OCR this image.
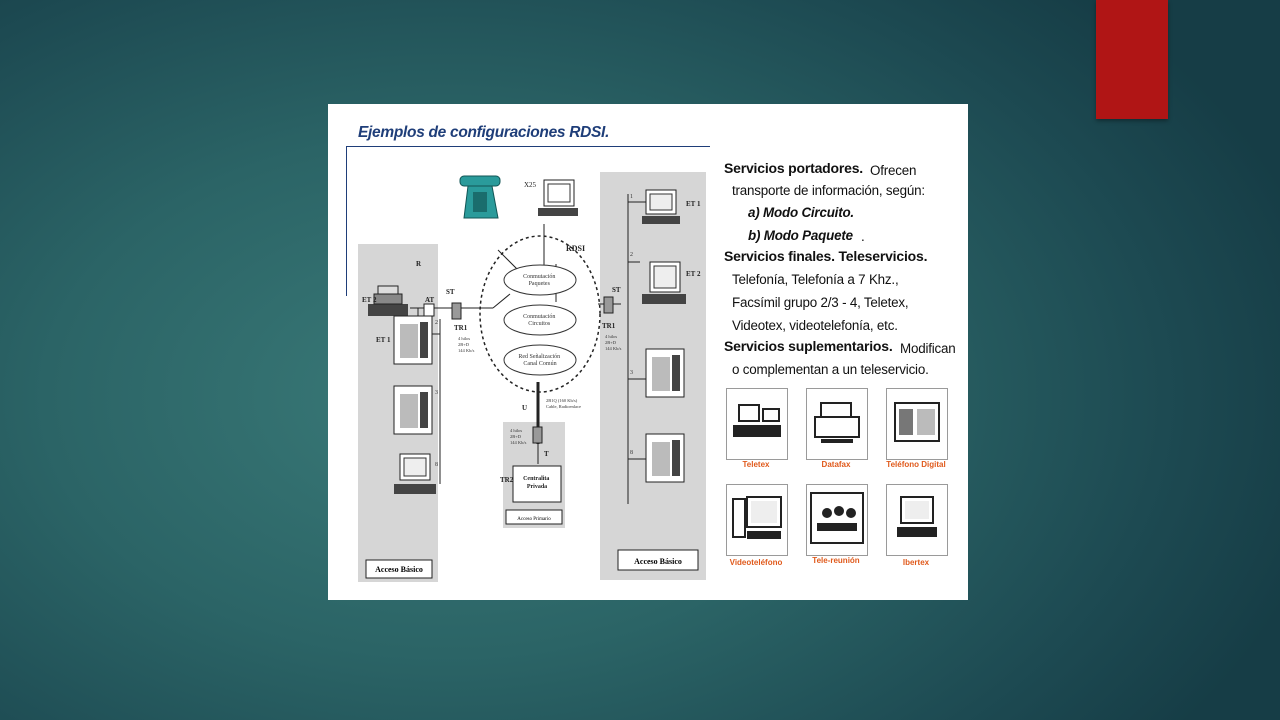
Ejemplos de configuraciones RDSI.
Conmutación Paquetes Conmutación Circuitos Red Señalización Canal Común
RDSI
X25
Centralita Privada
Acceso Básico
Acceso Primario
Acceso Básico
ET 2
R
AT
ST
TR1
ET 1
ST
TR1
ET 1
ET 2
U
T
TR2
2
3
8
1
2
3
8
4 hilos 2B+D 144 Kb/s
4 hilos 2B+D 144 Kb/s
4 hilos 2B+D 144 Kb/s
2B1Q (160 Kb/s) Cable, Radioenlace
Servicios portadores. Ofrecen
transporte de información, según:
a) Modo Circuito.
b) Modo Paquete .
Servicios finales. Teleservicios.
Telefonía, Telefonía a 7 Khz.,
Facsímil grupo 2/3 - 4, Teletex,
Videotex, videotelefonía, etc.
Servicios suplementarios. Modifican
o complementan a un teleservicio.
Teletex	Datafax	Teléfono Digital
Videoteléfono	Tele-reunión	Ibertex
